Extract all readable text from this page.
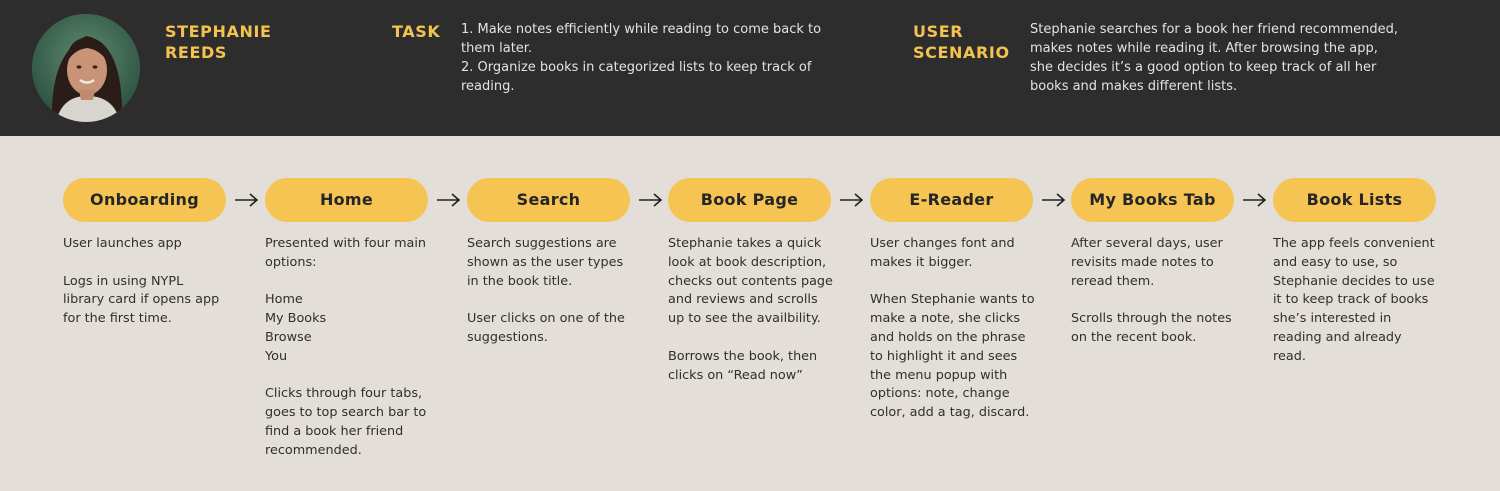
STEPHANIE
REEDS
TASK 1. Make notes efficiently while reading to come back to them later.
2. Organize books in categorized lists to keep track of reading.
USER
SCENARIO
Stephanie searches for a book her friend recommended, makes notes while reading it. After browsing the app, she decides it’s a good option to keep track of all her books and makes different lists.
Onboarding

User launches app

Logs in using NYPL library card if opens app for the first time.

Home

Presented with four main options:

Home
My Books
Browse
You

Clicks through four tabs, goes to top search bar to find a book her friend recommended.

Search

Search suggestions are shown as the user types in the book title.

User clicks on one of the suggestions.

Book Page

Stephanie takes a quick look at book description, checks out contents page and reviews and scrolls up to see the availbility.

Borrows the book, then clicks on “Read now”

E-Reader

User changes font and makes it bigger.

When Stephanie wants to make a note, she clicks and holds on the phrase to highlight it and sees the menu popup with options: note, change color, add a tag, discard.

My Books Tab

After several days, user revisits made notes to reread them.

Scrolls through the notes on the recent book.

Book Lists

The app feels convenient and easy to use, so Stephanie decides to use it to keep track of books she’s interested in reading and already read.
